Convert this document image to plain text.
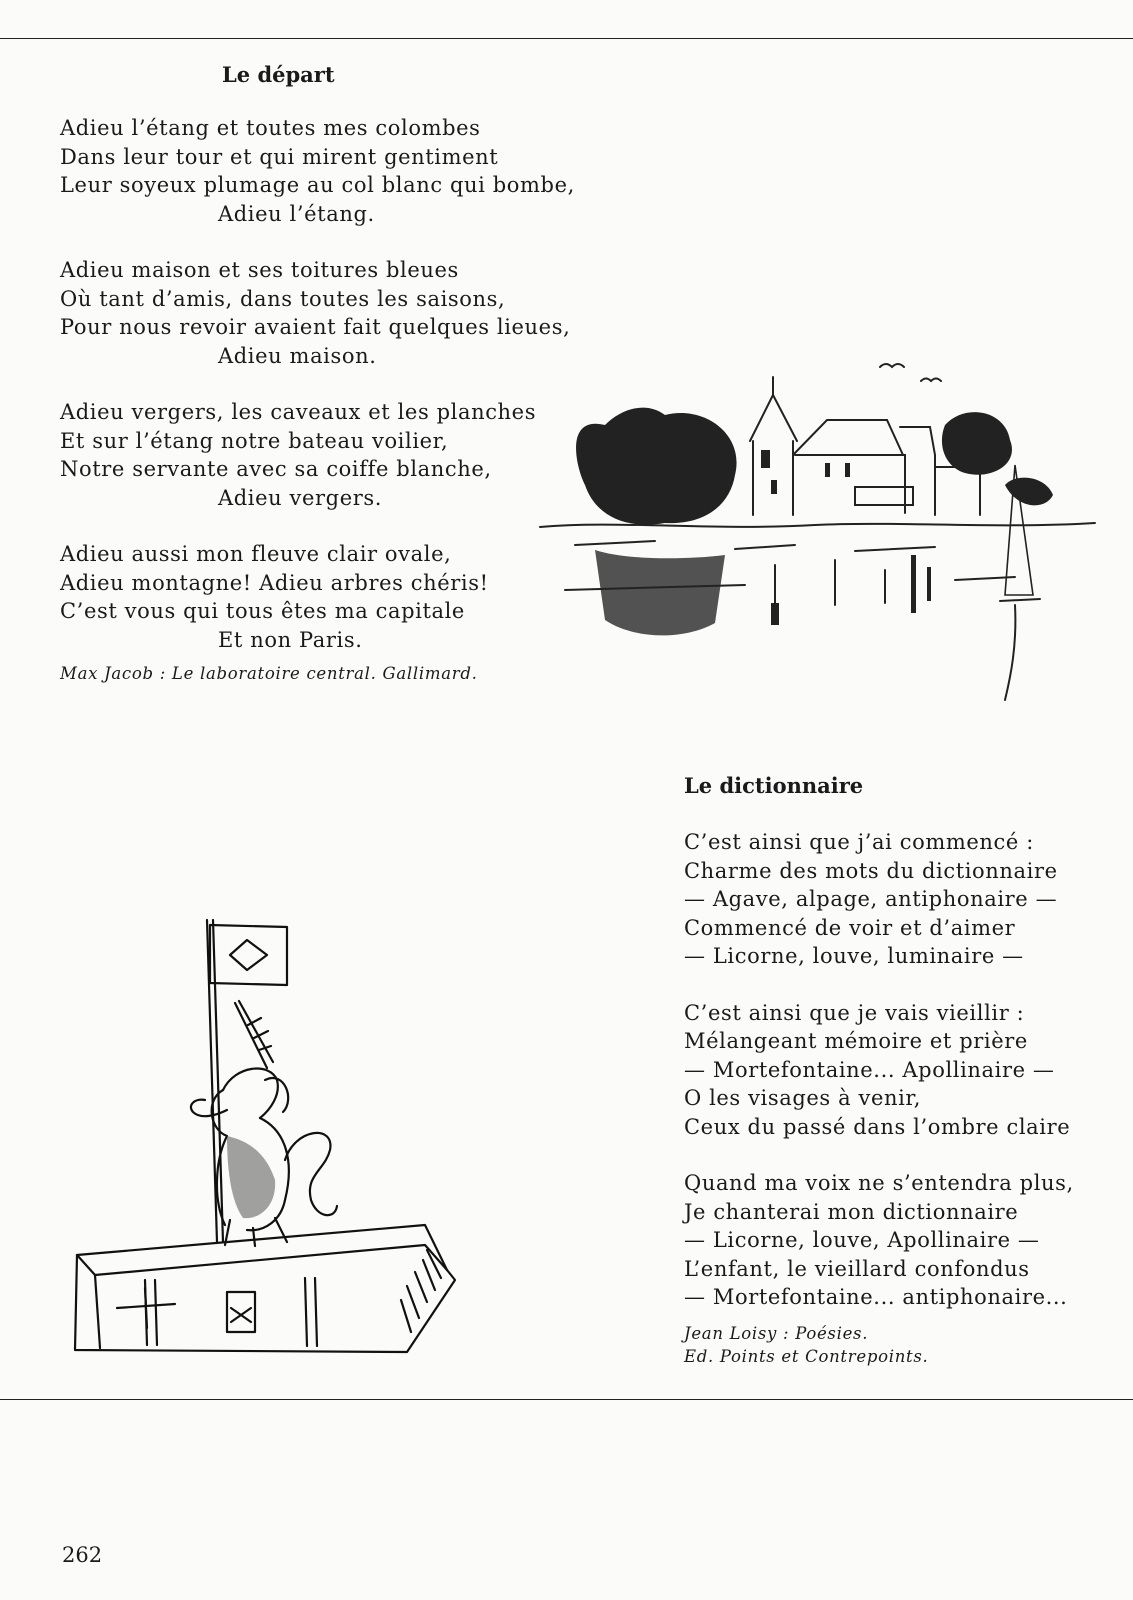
Le départ
Adieu l’étang et toutes mes colombes
Dans leur tour et qui mirent gentiment
Leur soyeux plumage au col blanc qui bombe,
Adieu l’étang.
Adieu maison et ses toitures bleues
Où tant d’amis, dans toutes les saisons,
Pour nous revoir avaient fait quelques lieues,
Adieu maison.
Adieu vergers, les caveaux et les planches
Et sur l’étang notre bateau voilier,
Notre servante avec sa coiffe blanche,
Adieu vergers.
Adieu aussi mon fleuve clair ovale,
Adieu montagne! Adieu arbres chéris!
C’est vous qui tous êtes ma capitale
Et non Paris.
Max Jacob : Le laboratoire central. Gallimard.
Le dictionnaire
C’est ainsi que j’ai commencé :
Charme des mots du dictionnaire
— Agave, alpage, antiphonaire —
Commencé de voir et d’aimer
— Licorne, louve, luminaire —
C’est ainsi que je vais vieillir :
Mélangeant mémoire et prière
— Mortefontaine... Apollinaire —
O les visages à venir,
Ceux du passé dans l’ombre claire
Quand ma voix ne s’entendra plus,
Je chanterai mon dictionnaire
— Licorne, louve, Apollinaire —
L’enfant, le vieillard confondus
— Mortefontaine... antiphonaire...
Jean Loisy : Poésies.
Ed. Points et Contrepoints.
262
